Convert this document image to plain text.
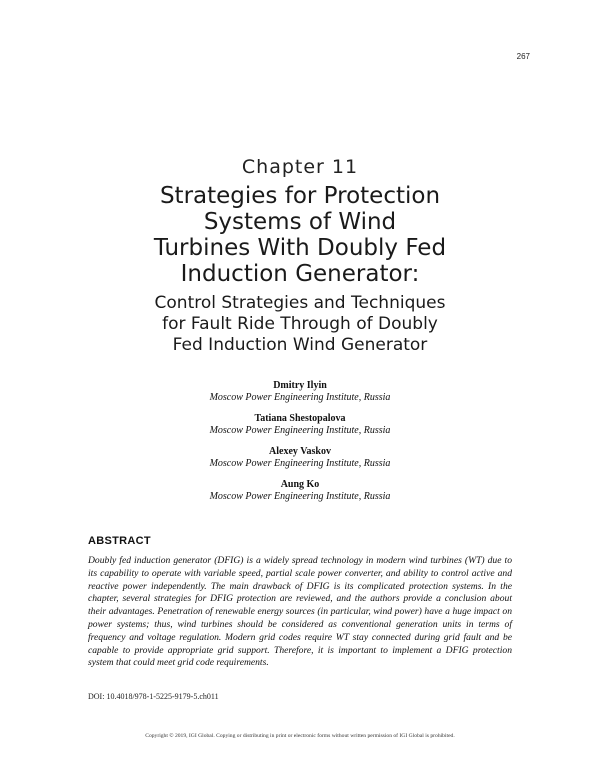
267
Chapter 11
Strategies for Protection
Systems of Wind
Turbines With Doubly Fed
Induction Generator:
Control Strategies and Techniques
for Fault Ride Through of Doubly
Fed Induction Wind Generator
Dmitry Ilyin
Moscow Power Engineering Institute, Russia
Tatiana Shestopalova
Moscow Power Engineering Institute, Russia
Alexey Vaskov
Moscow Power Engineering Institute, Russia
Aung Ko
Moscow Power Engineering Institute, Russia
ABSTRACT

Doubly fed induction generator (DFIG) is a widely spread technology in modern wind turbines (WT) due to its capability to operate with variable speed, partial scale power converter, and ability to control active and reactive power independently. The main drawback of DFIG is its complicated protection systems. In the chapter, several strategies for DFIG protection are reviewed, and the authors provide a conclusion about their advantages. Penetration of renewable energy sources (in particular, wind power) have a huge impact on power systems; thus, wind turbines should be considered as conventional generation units in terms of frequency and voltage regulation. Modern grid codes require WT stay connected during grid fault and be capable to provide appropriate grid support. Therefore, it is important to implement a DFIG protection system that could meet grid code requirements.

DOI: 10.4018/978-1-5225-9179-5.ch011
Copyright © 2019, IGI Global. Copying or distributing in print or electronic forms without written permission of IGI Global is prohibited.
